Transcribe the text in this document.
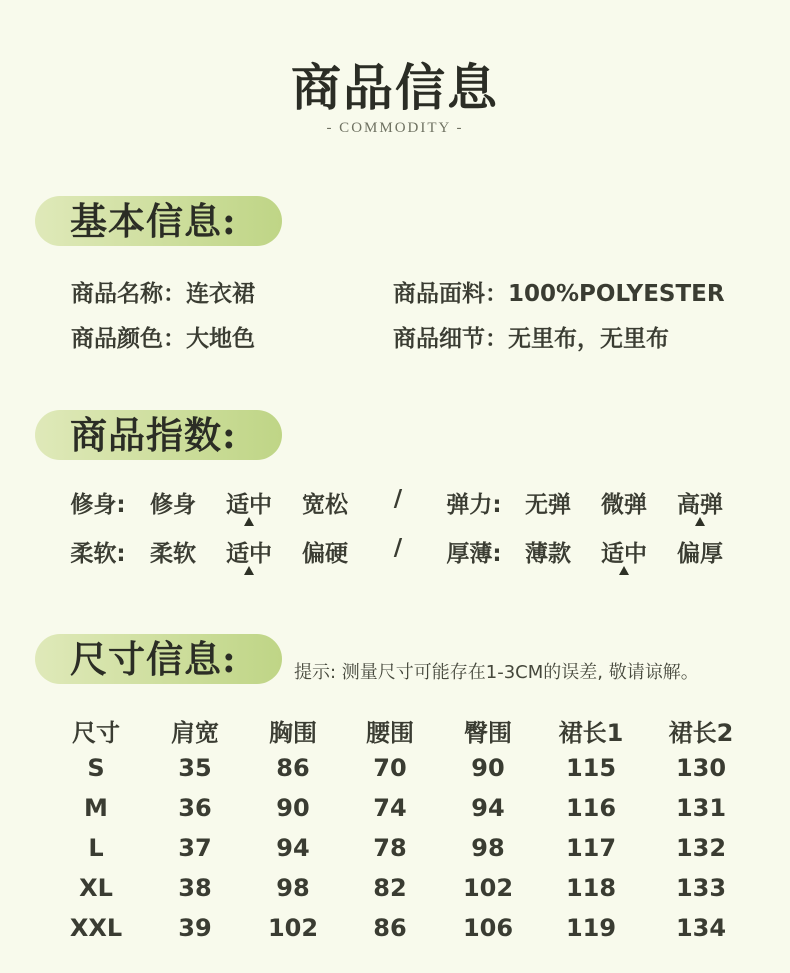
商品信息
- COMMODITY -
基本信息:
商品名称：连衣裙	商品面料：100%POLYESTER
商品颜色：大地色	商品细节：无里布，无里布
商品指数:
修身: 修身 适中 宽松 / 弹力: 无弹 微弹 高弹
柔软: 柔软 适中 偏硬 / 厚薄: 薄款 适中 偏厚
尺寸信息:	提示: 测量尺寸可能存在1-3CM的误差, 敬请谅解。
尺寸 肩宽 胸围 腰围 臀围 裙长1 裙长2
S	35	86	70	90	115 130
M	36	90	74	94	116 131
L	37	94	78	98	117 132
XL	38	98	82 102 118 133
XXL 39 102 86 106 119 134
